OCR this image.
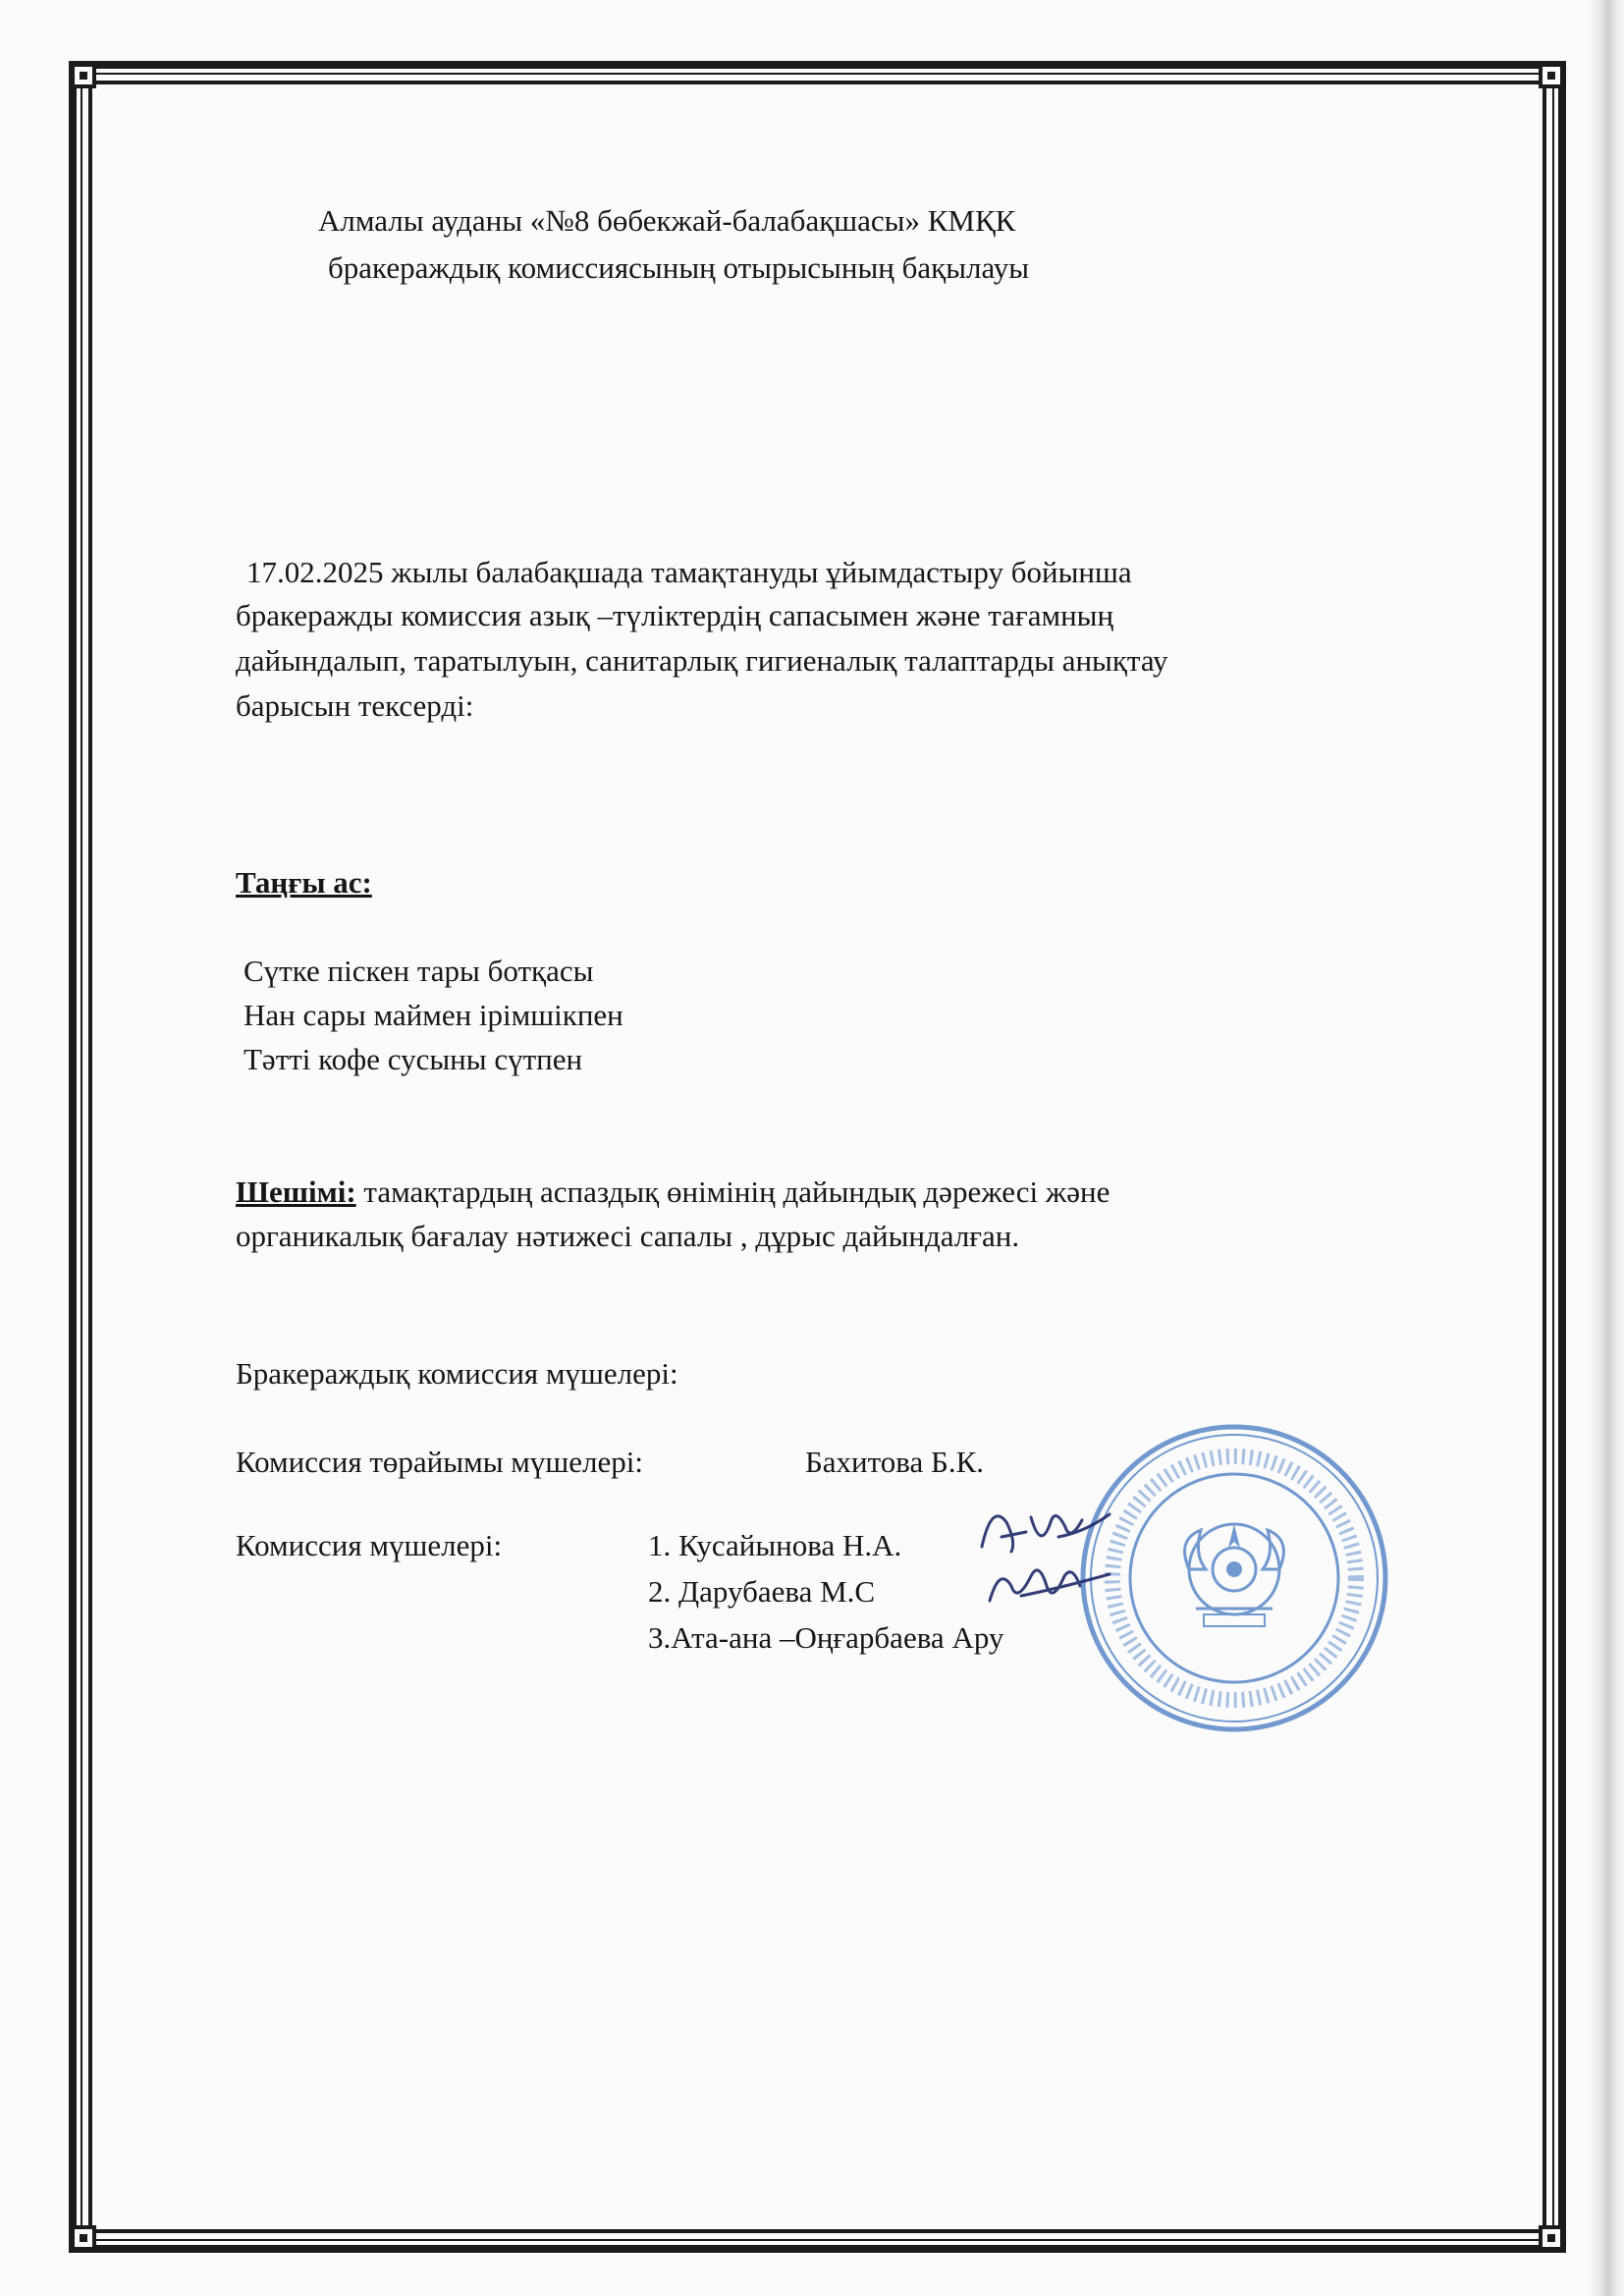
Алмалы ауданы «№8 бөбекжай-балабақшасы» КМҚК
бракераждық комиссиясының отырысының бақылауы
17.02.2025 жылы балабақшада тамақтануды ұйымдастыру бойынша
бракеражды комиссия азық –түліктердің сапасымен және тағамның
дайындалып, таратылуын, санитарлық гигиеналық талаптарды анықтау
барысын тексерді:
Таңғы ас:
Сүтке піскен тары ботқасы
Нан сары маймен ірімшікпен
Тәтті кофе сусыны сүтпен
Шешімі: тамақтардың аспаздық өнімінің дайындық дәрежесі және
органикалық бағалау нәтижесі сапалы , дұрыс дайындалған.
Бракераждық комиссия мүшелері:
Комиссия төрайымы мүшелері:	Бахитова Б.К.
Комиссия мүшелері:	1. Кусайынова Н.А.
2. Дарубаева М.С
3.Ата-ана –Оңғарбаева Ару
